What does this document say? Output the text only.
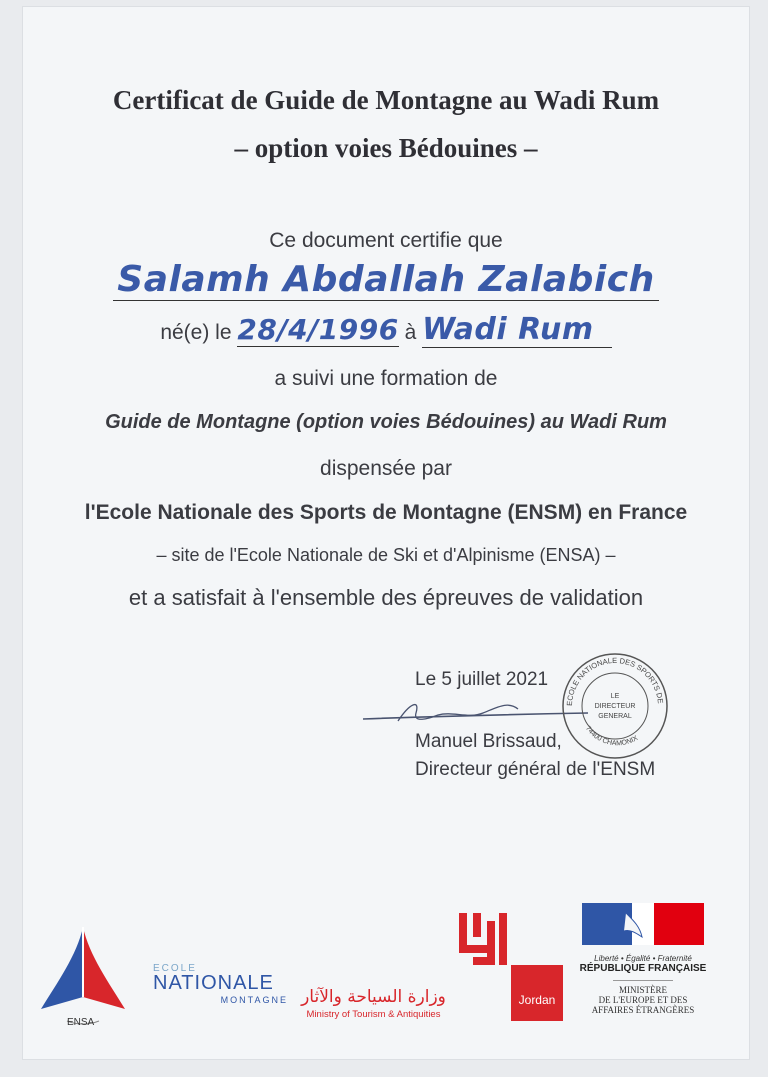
Certificat de Guide de Montagne au Wadi Rum
– option voies Bédouines –
Ce document certifie que
Salamh Abdallah Zalabich
né(e) le 28/4/1996 à Wadi Rum
a suivi une formation de
Guide de Montagne (option voies Bédouines) au Wadi Rum
dispensée par
l'Ecole Nationale des Sports de Montagne (ENSM) en France
– site de l'Ecole Nationale de Ski et d'Alpinisme (ENSA) –
et a satisfait à l'ensemble des épreuves de validation
Le 5 juillet 2021
Manuel Brissaud,
Directeur général de l'ENSM
ECOLE NATIONALE DES SPORTS DE
74400 CHAMONIX
LE
DIRECTEUR
GENERAL
ENSA
ECOLE
NATIONALE
MONTAGNE وزارة السياحة والآثار
Ministry of Tourism & Antiquities
Jordan
Liberté • Égalité • Fraternité
RÉPUBLIQUE FRANÇAISE
MINISTÈRE
DE L'EUROPE ET DES
AFFAIRES ÉTRANGÈRES
